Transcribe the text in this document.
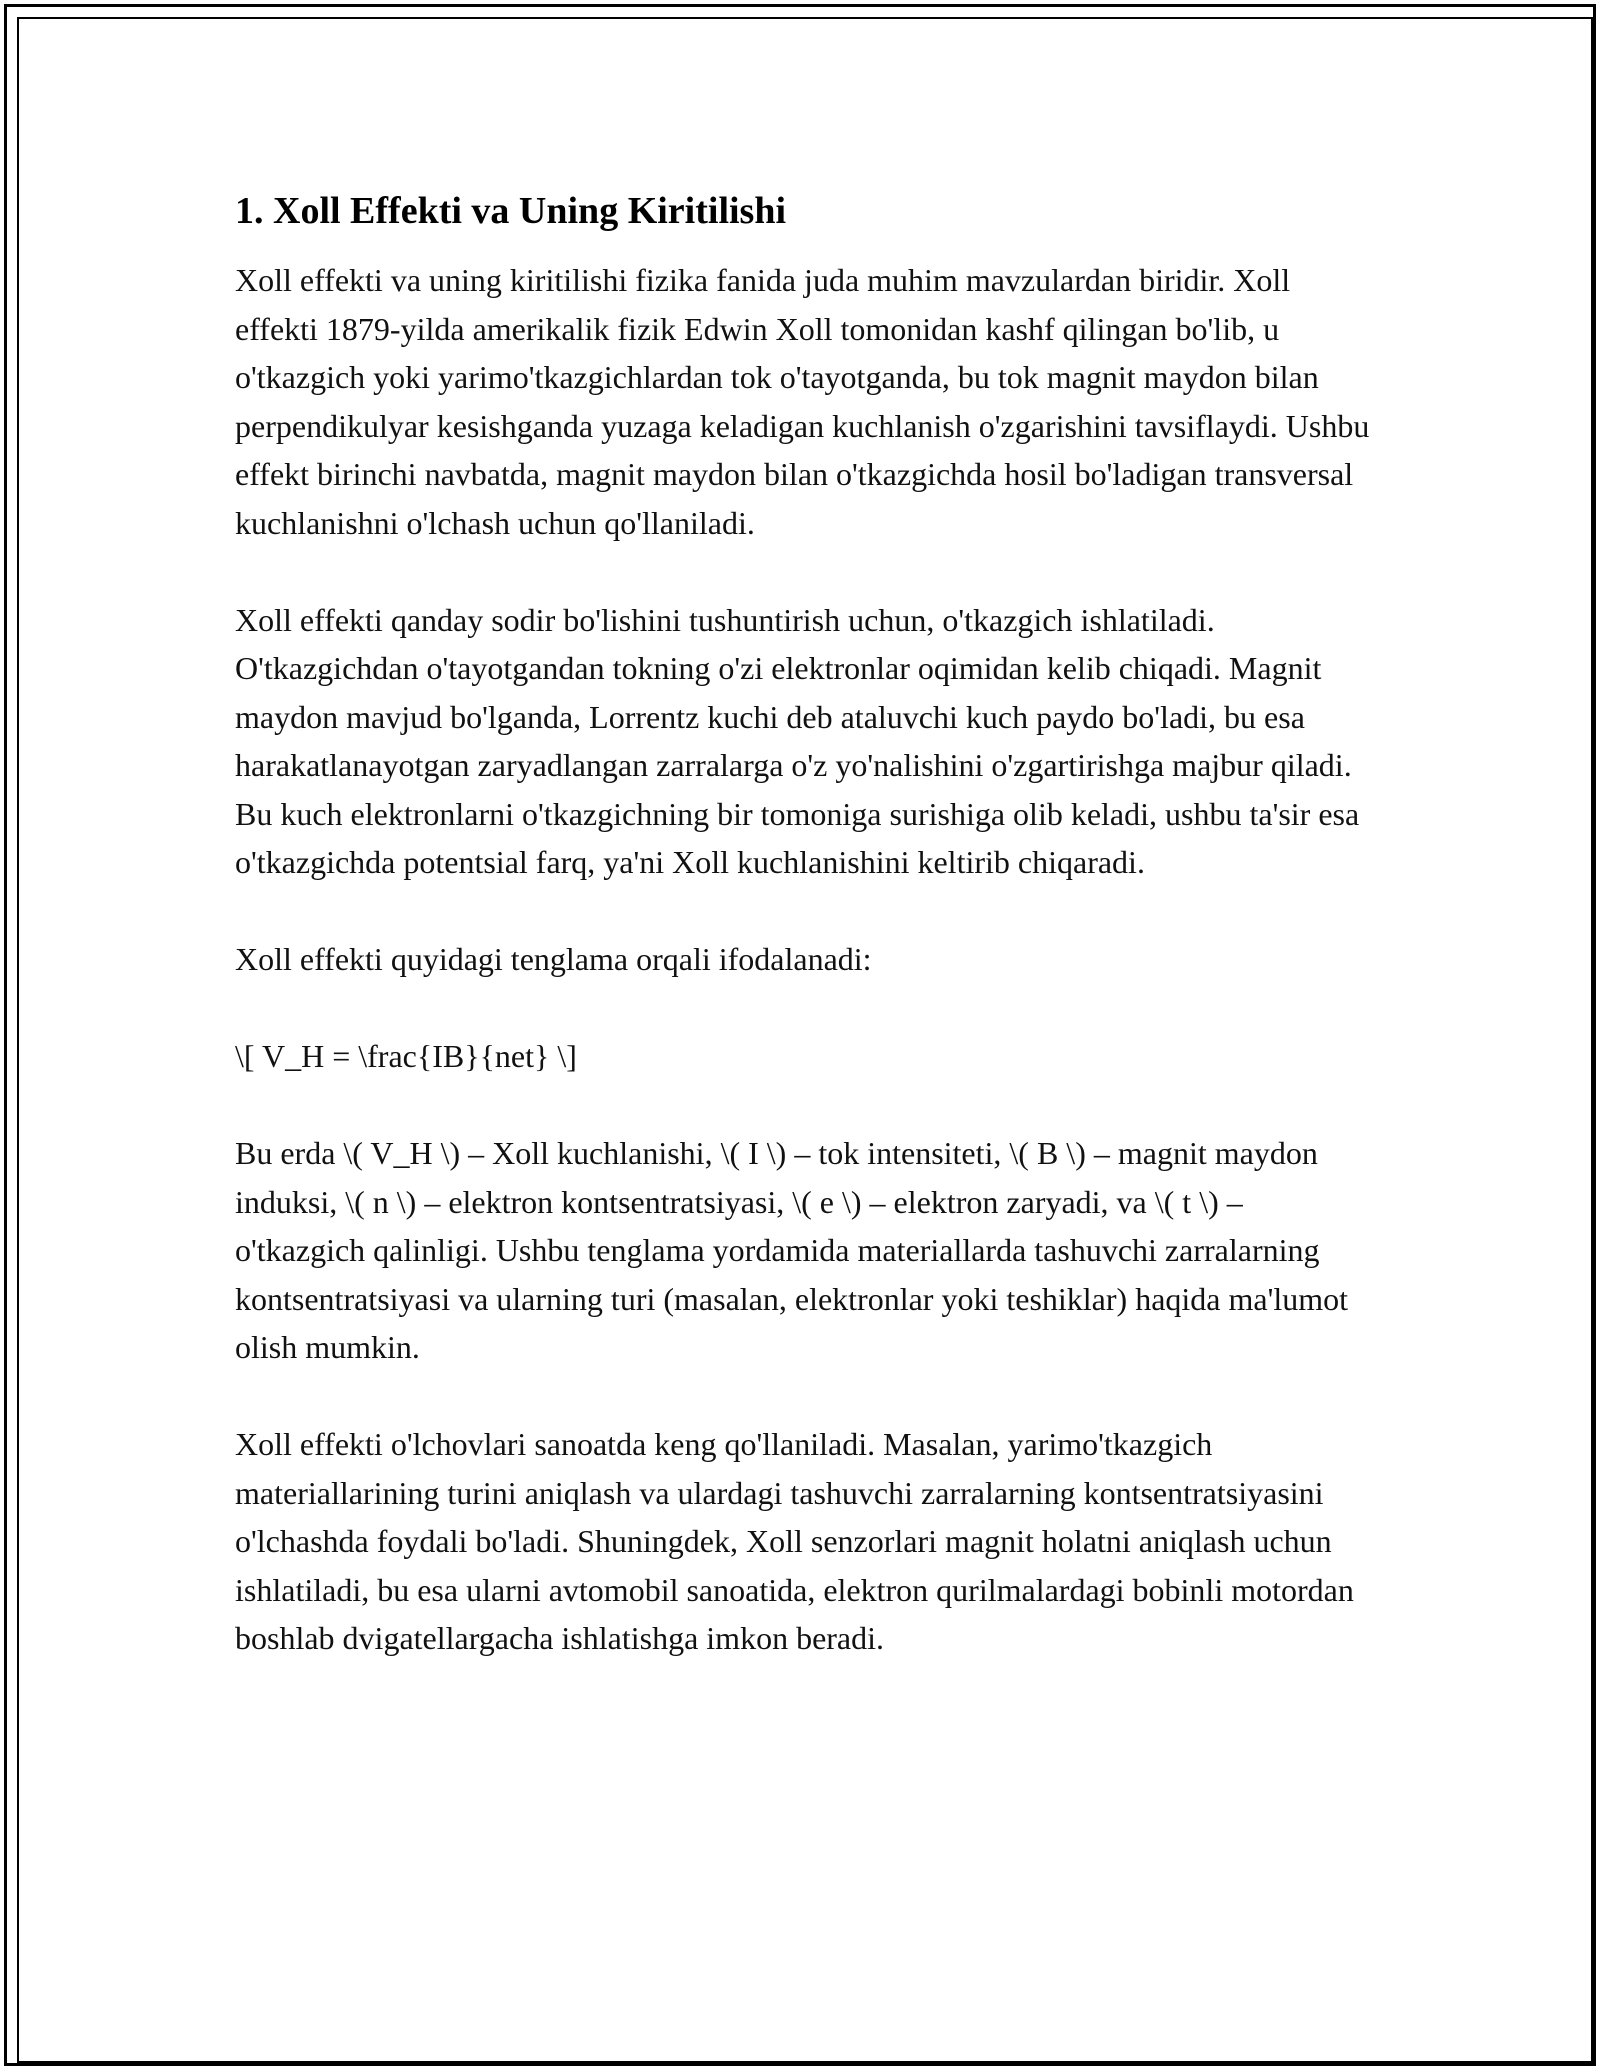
1. Xoll Effekti va Uning Kiritilishi

Xoll effekti va uning kiritilishi fizika fanida juda muhim mavzulardan biridir. Xoll effekti 1879-yilda amerikalik fizik Edwin Xoll tomonidan kashf qilingan bo'lib, u o'tkazgich yoki yarimo'tkazgichlardan tok o'tayotganda, bu tok magnit maydon bilan perpendikulyar kesishganda yuzaga keladigan kuchlanish o'zgarishini tavsiflaydi. Ushbu effekt birinchi navbatda, magnit maydon bilan o'tkazgichda hosil bo'ladigan transversal kuchlanishni o'lchash uchun qo'llaniladi.

Xoll effekti qanday sodir bo'lishini tushuntirish uchun, o'tkazgich ishlatiladi. O'tkazgichdan o'tayotgandan tokning o'zi elektronlar oqimidan kelib chiqadi. Magnit maydon mavjud bo'lganda, Lorrentz kuchi deb ataluvchi kuch paydo bo'ladi, bu esa harakatlanayotgan zaryadlangan zarralarga o'z yo'nalishini o'zgartirishga majbur qiladi. Bu kuch elektronlarni o'tkazgichning bir tomoniga surishiga olib keladi, ushbu ta'sir esa o'tkazgichda potentsial farq, ya'ni Xoll kuchlanishini keltirib chiqaradi.

Xoll effekti quyidagi tenglama orqali ifodalanadi:

\[ V_H = \frac{IB}{net} \]

Bu erda \( V_H \) – Xoll kuchlanishi, \( I \) – tok intensiteti, \( B \) – magnit maydon induksi, \( n \) – elektron kontsentratsiyasi, \( e \) – elektron zaryadi, va \( t \) – o'tkazgich qalinligi. Ushbu tenglama yordamida materiallarda tashuvchi zarralarning kontsentratsiyasi va ularning turi (masalan, elektronlar yoki teshiklar) haqida ma'lumot olish mumkin.

Xoll effekti o'lchovlari sanoatda keng qo'llaniladi. Masalan, yarimo'tkazgich materiallarining turini aniqlash va ulardagi tashuvchi zarralarning kontsentratsiyasini o'lchashda foydali bo'ladi. Shuningdek, Xoll senzorlari magnit holatni aniqlash uchun ishlatiladi, bu esa ularni avtomobil sanoatida, elektron qurilmalardagi bobinli motordan boshlab dvigatellargacha ishlatishga imkon beradi.
